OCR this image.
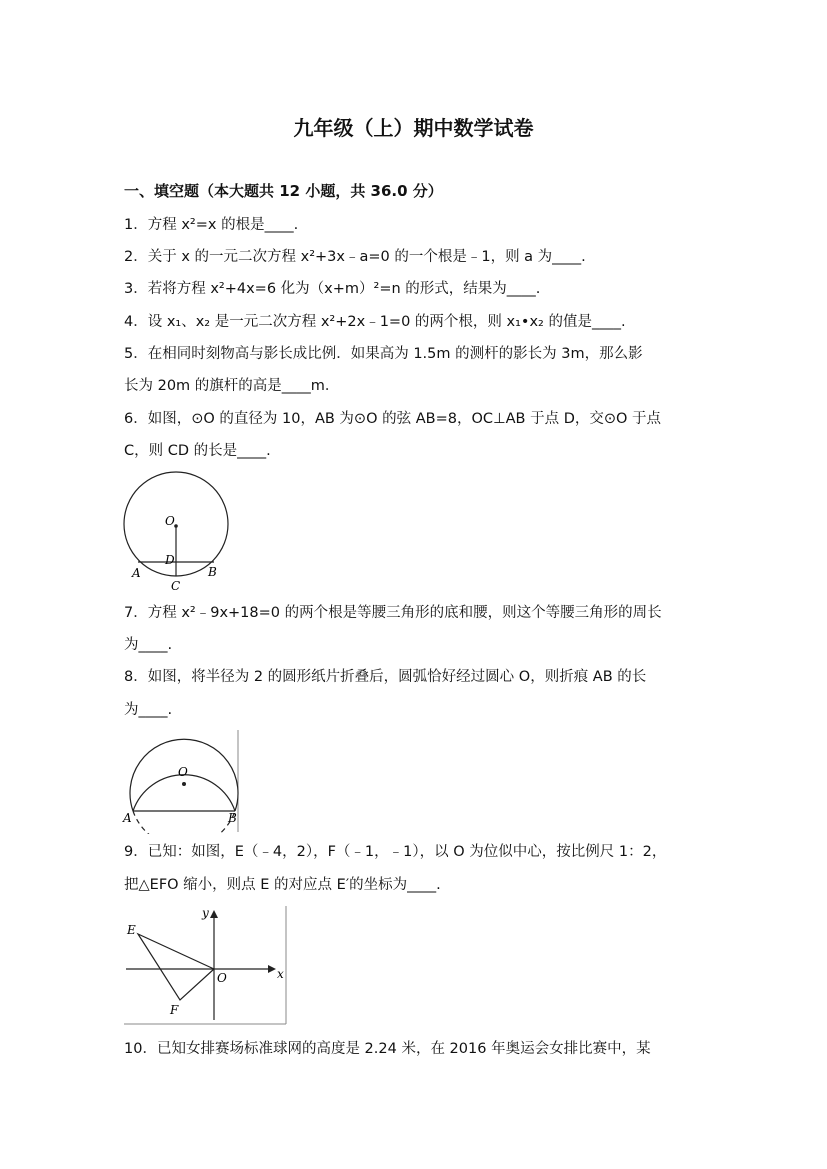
九年级（上）期中数学试卷
一、填空题（本大题共 12 小题，共 36.0 分）
1．方程 x²=x 的根是____.
2．关于 x 的一元二次方程 x²+3x﹣a=0 的一个根是﹣1，则 a 为____.
3．若将方程 x²+4x=6 化为（x+m）²=n 的形式，结果为____.
4．设 x₁、x₂ 是一元二次方程 x²+2x﹣1=0 的两个根，则 x₁•x₂ 的值是____.
5．在相同时刻物高与影长成比例．如果高为 1.5m 的测杆的影长为 3m，那么影
长为 20m 的旗杆的高是____m．
6．如图，⊙O 的直径为 10，AB 为⊙O 的弦 AB=8，OC⊥AB 于点 D，交⊙O 于点
C，则 CD 的长是____.
O
D
A	B
C
7．方程 x²﹣9x+18=0 的两个根是等腰三角形的底和腰，则这个等腰三角形的周长
为____.
8．如图，将半径为 2 的圆形纸片折叠后，圆弧恰好经过圆心 O，则折痕 AB 的长
为____.
O
A	B
9．已知：如图，E（﹣4，2），F（﹣1，﹣1），以 O 为位似中心，按比例尺 1：2，
把△EFO 缩小，则点 E 的对应点 E′的坐标为____.
E
F
O	x
y
10．已知女排赛场标准球网的高度是 2.24 米，在 2016 年奥运会女排比赛中，某
